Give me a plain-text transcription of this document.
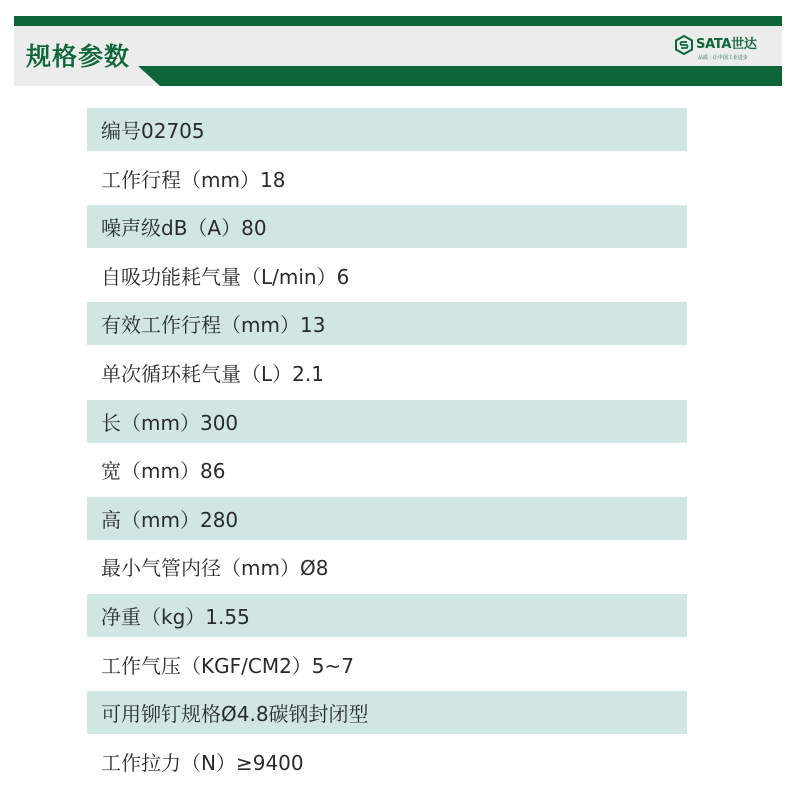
规格参数	SATA世达
品质 · 让中国工业进步
编号02705
工作行程（mm）18
噪声级dB（A）80
自吸功能耗气量（L/min）6
有效工作行程（mm）13
单次循环耗气量（L）2.1
长（mm）300
宽（mm）86
高（mm）280
最小气管内径（mm）Ø8
净重（kg）1.55
工作气压（KGF/CM2）5~7
可用铆钉规格Ø4.8碳钢封闭型
工作拉力（N）≥9400
